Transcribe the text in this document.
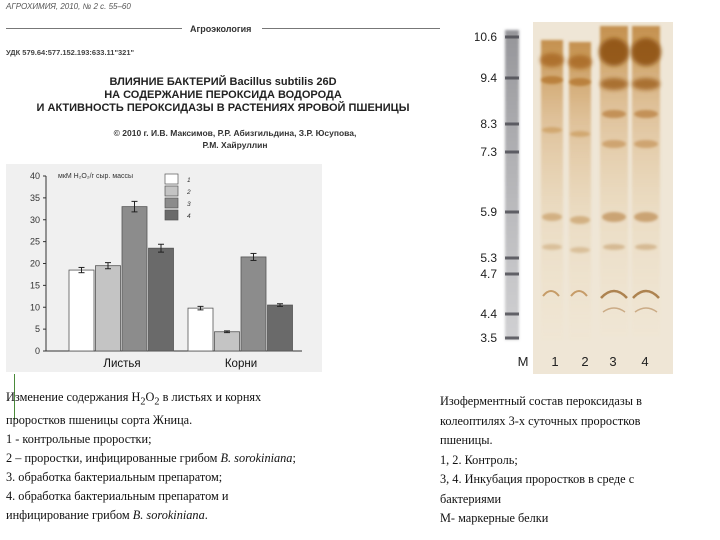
АГРОХИМИЯ, 2010, № 2 с. 55–60
Агроэкология
УДК 579.64:577.152.193:633.11"321"
ВЛИЯНИЕ БАКТЕРИЙ Bacillus subtilis 26D
НА СОДЕРЖАНИЕ ПЕРОКСИДА ВОДОРОДА
И АКТИВНОСТЬ ПЕРОКСИДАЗЫ В РАСТЕНИЯХ ЯРОВОЙ ПШЕНИЦЫ
© 2010 г. И.В. Максимов, Р.Р. Абизгильдина, З.Р. Юсупова,
Р.М. Хайруллин
0
5
10
15
20
25
30
35
40	мкМ Н₂О₂/г сыр. массы
Листья	Корни
1
2
3
4
Изменение содержания $Н_2О_2$ в листьях и корнях
проростков пшеницы сорта Жница.
1 - контрольные проростки;
2 – проростки, инфицированные грибом B. sorokiniana;
3. обработка бактериальным препаратом;
4. обработка бактериальным препаратом и
инфицирование грибом B. sorokiniana.
10.6
9.4
8.3
7.3
5.9
5.3
4.7
4.4
3.5
M 1 2 3 4
Изоферментный состав пероксидазы в
колеоптилях 3-х суточных проростков
пшеницы.
1, 2. Контроль;
3, 4. Инкубация проростков в среде с
бактериями
М- маркерные белки
